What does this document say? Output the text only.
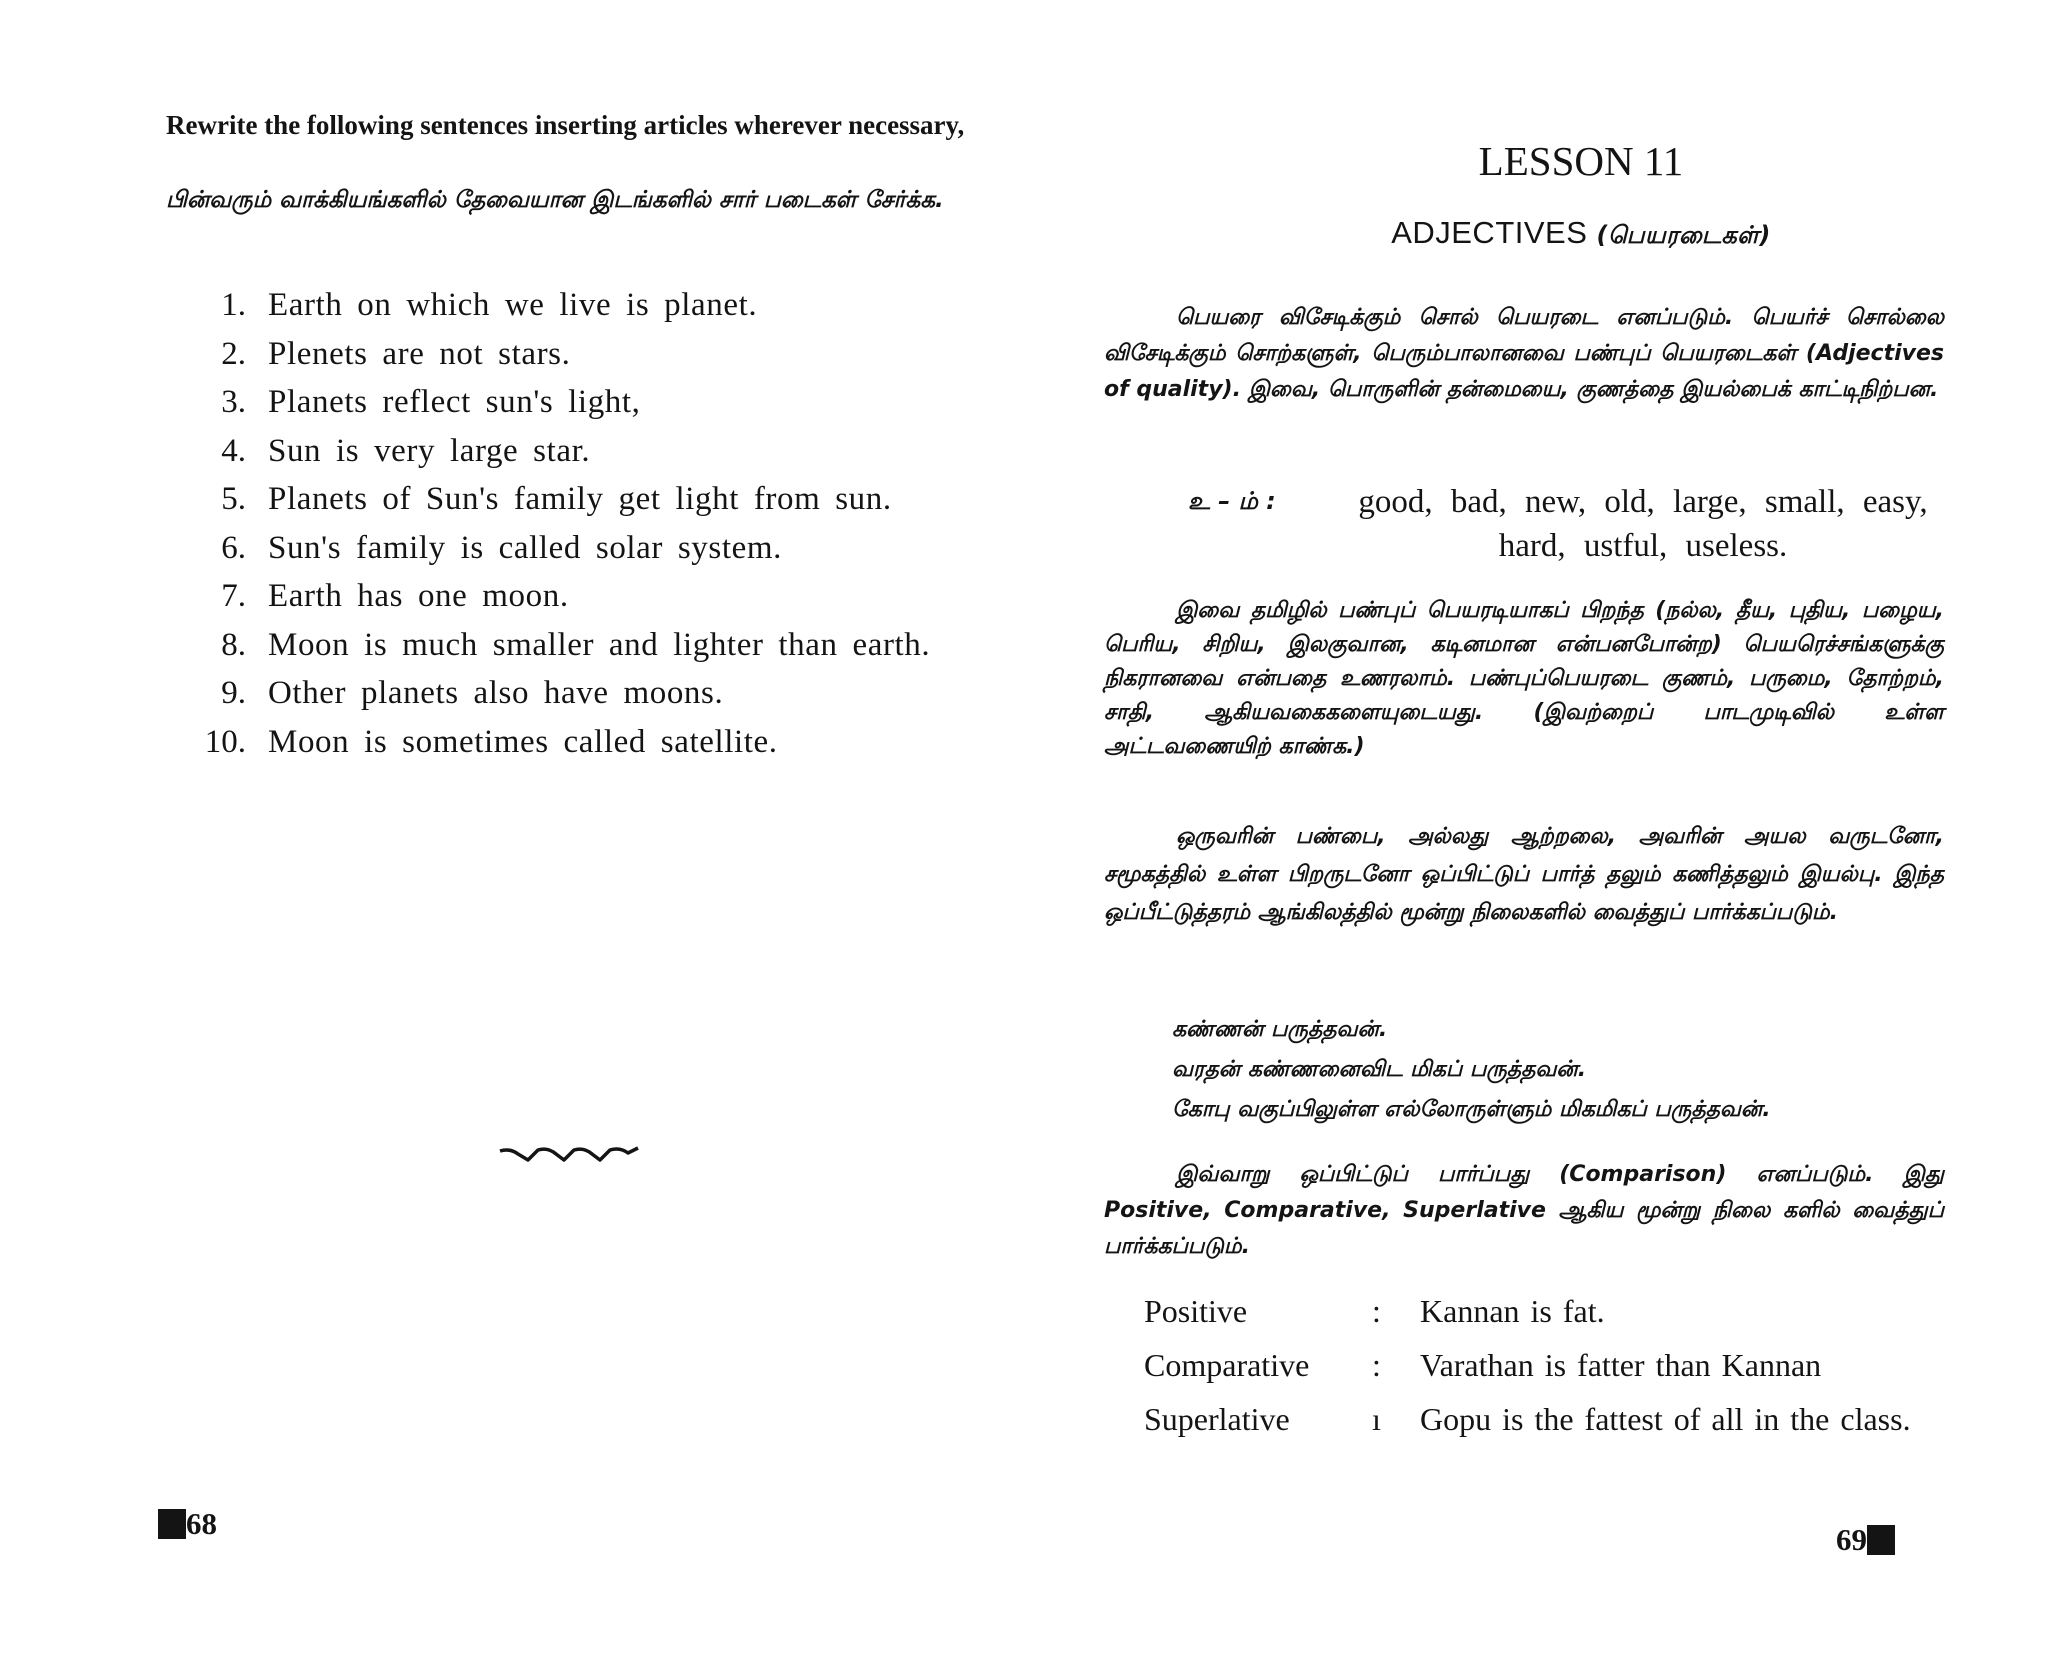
Rewrite the following sentences inserting articles wherever necessary,
பின்வரும் வாக்கியங்களில் தேவையான இடங்களில் சார் படைகள் சேர்க்க.
1. Earth on which we live is planet.
2. Plenets are not stars.
3. Planets reflect sun's light,
4. Sun is very large star.
5. Planets of Sun's family get light from sun.
6. Sun's family is called solar system.
7. Earth has one moon.
8. Moon is much smaller and lighter than earth.
9. Other planets also have moons.
10. Moon is sometimes called satellite.
68
LESSON 11
ADJECTIVES (பெயரடைகள்)
பெயரை விசேடிக்கும் சொல் பெயரடை எனப்படும். பெயர்ச் சொல்லை விசேடிக்கும் சொற்களுள், பெரும்பாலானவை பண்புப் பெயரடைகள் (Adjectives of quality). இவை, பொருளின் தன்மையை, குணத்தை இயல்பைக் காட்டிநிற்பன.
உ – ம் :	good, bad, new, old, large, small, easy, hard, ustful, useless.
இவை தமிழில் பண்புப் பெயரடியாகப் பிறந்த (நல்ல, தீய, புதிய, பழைய, பெரிய, சிறிய, இலகுவான, கடினமான என்பனபோன்ற) பெயரெச்சங்களுக்கு நிகரானவை என்பதை உணரலாம். பண்புப்பெயரடை குணம், பருமை, தோற்றம், சாதி, ஆகியவகைகளையுடையது. (இவற்றைப் பாடமுடிவில் உள்ள அட்டவணையிற் காண்க.)
ஒருவரின் பண்பை, அல்லது ஆற்றலை, அவரின் அயல வருடனோ, சமூகத்தில் உள்ள பிறருடனோ ஒப்பிட்டுப் பார்த் தலும் கணித்தலும் இயல்பு. இந்த ஒப்பீட்டுத்தரம் ஆங்கிலத்தில் மூன்று நிலைகளில் வைத்துப் பார்க்கப்படும்.
கண்ணன் பருத்தவன்.
வரதன் கண்ணனைவிட மிகப் பருத்தவன்.
கோபு வகுப்பிலுள்ள எல்லோருள்ளும் மிகமிகப் பருத்தவன்.
இவ்வாறு ஒப்பிட்டுப் பார்ப்பது (Comparison) எனப்படும். இது Positive, Comparative, Superlative ஆகிய மூன்று நிலை களில் வைத்துப் பார்க்கப்படும்.
Positive	:	Kannan is fat.
Comparative	:	Varathan is fatter than Kannan
Superlative	ı	Gopu is the fattest of all in the class.
69
